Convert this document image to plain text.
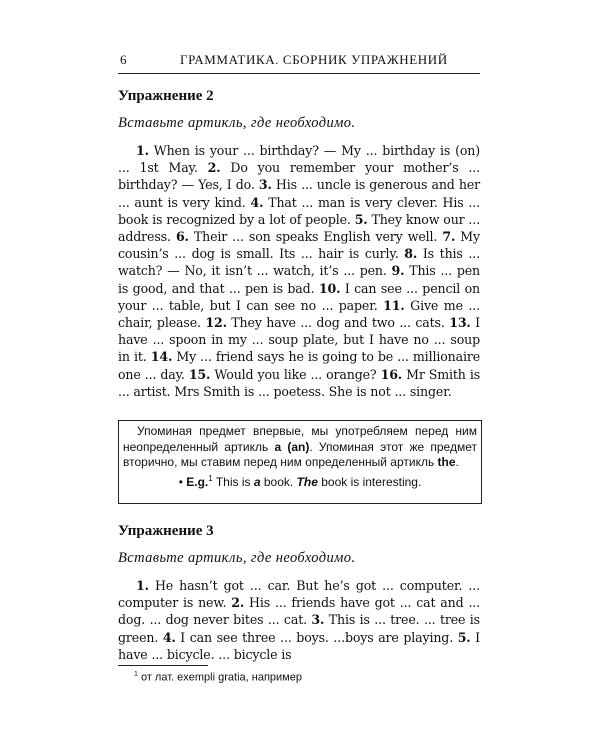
6	ГРАММАТИКА. СБОРНИК УПРАЖНЕНИЙ
Упражнение 2
Вставьте артикль, где необходимо.
1. When is your ... birthday? — My ... birthday is (on) ... 1st May. 2. Do you remember your mother’s ... birthday? — Yes, I do. 3. His ... uncle is generous and her ... aunt is very kind. 4. That ... man is very clever. His ... book is recognized by a lot of people. 5. They know our ... address. 6. Their ... son speaks English very well. 7. My cousin’s ... dog is small. Its ... hair is curly. 8. Is this ... watch? — No, it isn’t ... watch, it’s ... pen. 9. This ... pen is good, and that ... pen is bad. 10. I can see ... pencil on your ... table, but I can see no ... paper. 11. Give me ... chair, please. 12. They have ... dog and two ... cats. 13. I have ... spoon in my ... soup plate, but I have no ... soup in it. 14. My ... friend says he is going to be ... millionaire one ... day. 15. Would you like ... orange? 16. Mr Smith is ... artist. Mrs Smith is ... poetess. She is not ... singer.
Упоминая предмет впервые, мы употребляем перед ним неопределенный артикль a (an). Упоминая этот же предмет вторично, мы ставим перед ним определенный артикль the.
• E.g.$^1$ This is a book. The book is interesting.
Упражнение 3
Вставьте артикль, где необходимо.
1. He hasn’t got ... car. But he’s got ... computer. ... computer is new. 2. His ... friends have got ... cat and ... dog. ... dog never bites ... cat. 3. This is ... tree. ... tree is green. 4. I can see three ... boys. ...boys are playing. 5. I have ... bicycle. ... bicycle is
$^1$ от лат. exempli gratia, например
